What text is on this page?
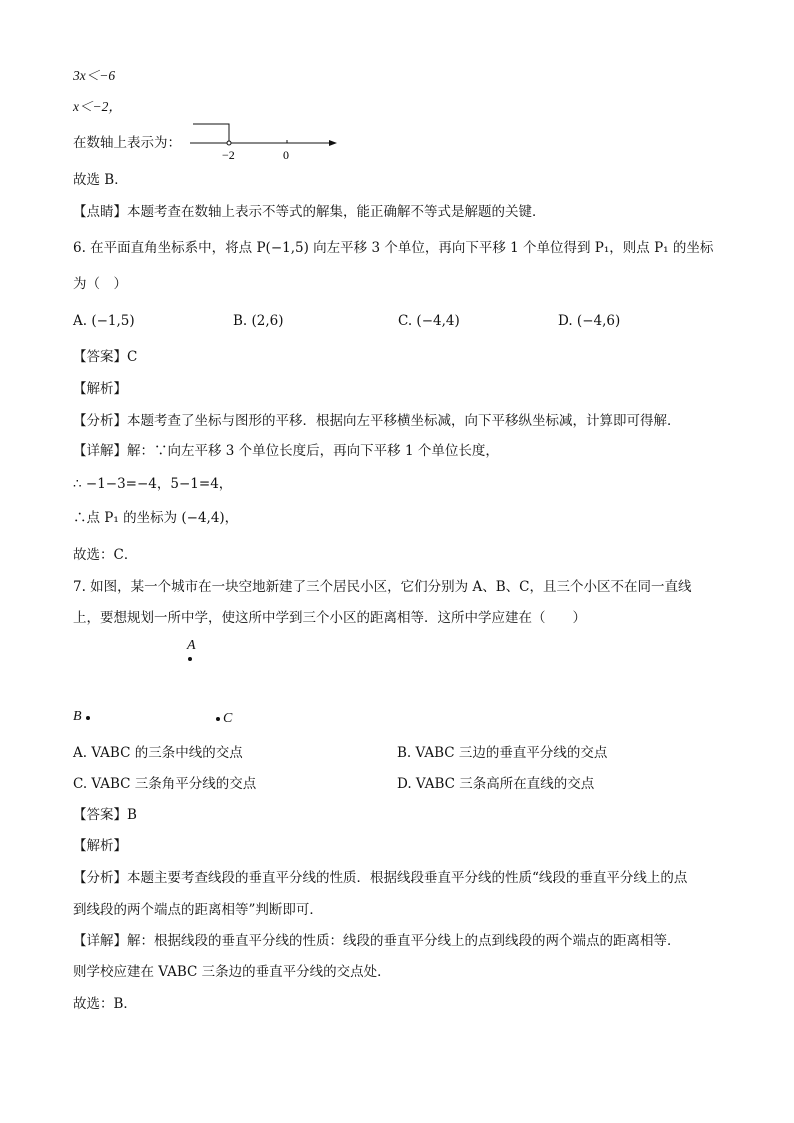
3x＜−6
x＜−2，
在数轴上表示为：
−2	0
故选 B．
【点睛】本题考查在数轴上表示不等式的解集，能正确解不等式是解题的关键．
6. 在平面直角坐标系中，将点 P(−1,5) 向左平移 3 个单位，再向下平移 1 个单位得到 P₁，则点 P₁ 的坐标
为（　）
A. (−1,5)	B. (2,6)	C. (−4,4)	D. (−4,6)
【答案】C
【解析】
【分析】本题考查了坐标与图形的平移．根据向左平移横坐标减，向下平移纵坐标减，计算即可得解．
【详解】解：∵向左平移 3 个单位长度后，再向下平移 1 个单位长度，
∴ −1−3=−4，5−1=4，
∴点 P₁ 的坐标为 (−4,4)，
故选：C．
7. 如图，某一个城市在一块空地新建了三个居民小区，它们分别为 A、B、C，且三个小区不在同一直线
上，要想规划一所中学，使这所中学到三个小区的距离相等．这所中学应建在（　　）
A
B	C
A. VABC 的三条中线的交点	B. VABC 三边的垂直平分线的交点
C. VABC 三条角平分线的交点	D. VABC 三条高所在直线的交点
【答案】B
【解析】
【分析】本题主要考查线段的垂直平分线的性质．根据线段垂直平分线的性质“线段的垂直平分线上的点
到线段的两个端点的距离相等”判断即可．
【详解】解：根据线段的垂直平分线的性质：线段的垂直平分线上的点到线段的两个端点的距离相等．
则学校应建在 VABC 三条边的垂直平分线的交点处．
故选：B．
